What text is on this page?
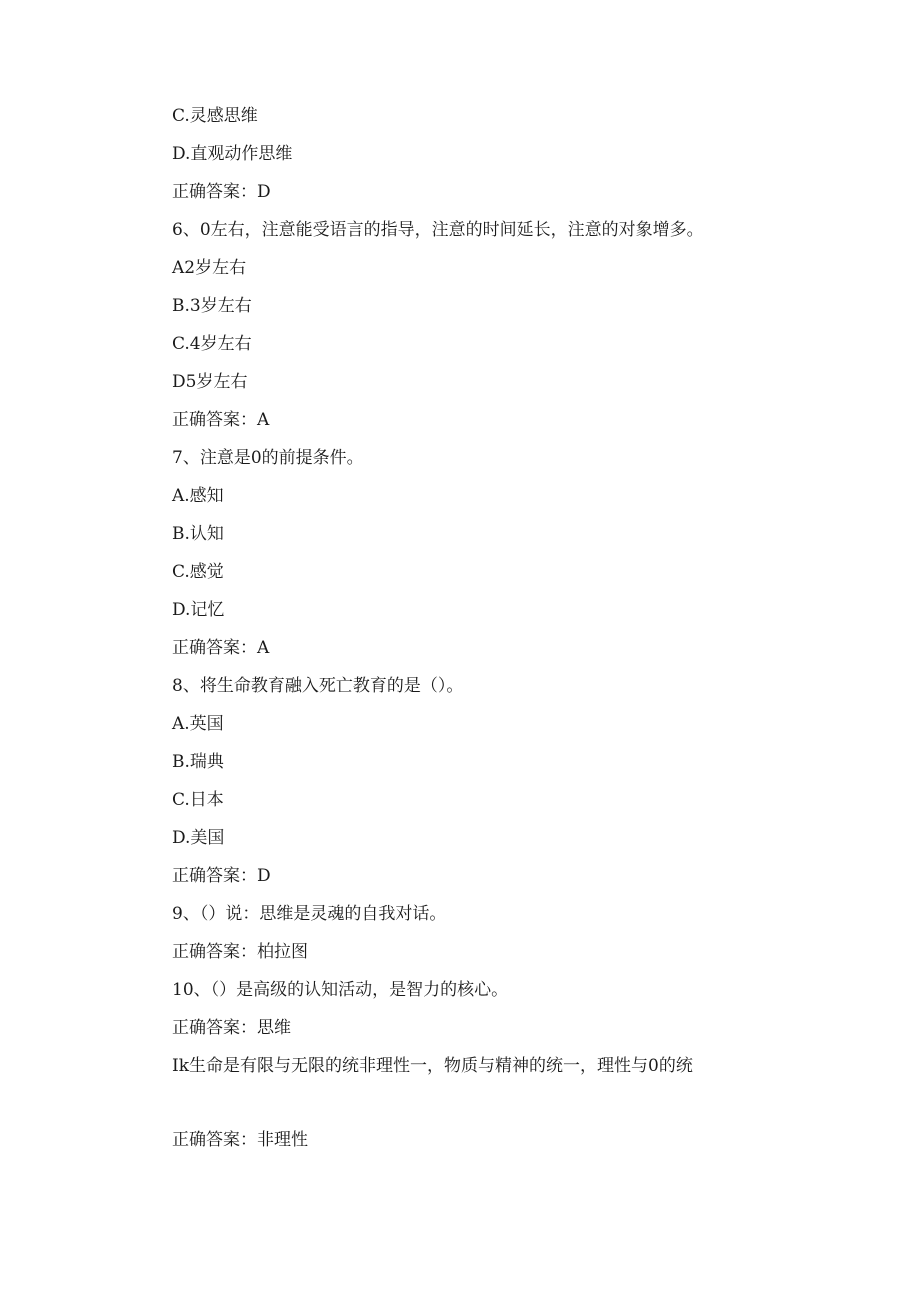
C.灵感思维

D.直观动作思维

正确答案：D

6、0左右，注意能受语言的指导，注意的时间延长，注意的对象增多。

A2岁左右

B.3岁左右

C.4岁左右

D5岁左右

正确答案：A

7、注意是0的前提条件。

A.感知

B.认知

C.感觉

D.记忆

正确答案：A

8、将生命教育融入死亡教育的是（）。

A.英国

B.瑞典

C.日本

D.美国

正确答案：D

9、（）说：思维是灵魂的自我对话。

正确答案：柏拉图

10、（）是高级的认知活动，是智力的核心。

正确答案：思维

Ik生命是有限与无限的统非理性一，物质与精神的统一，理性与0的统

正确答案：非理性
